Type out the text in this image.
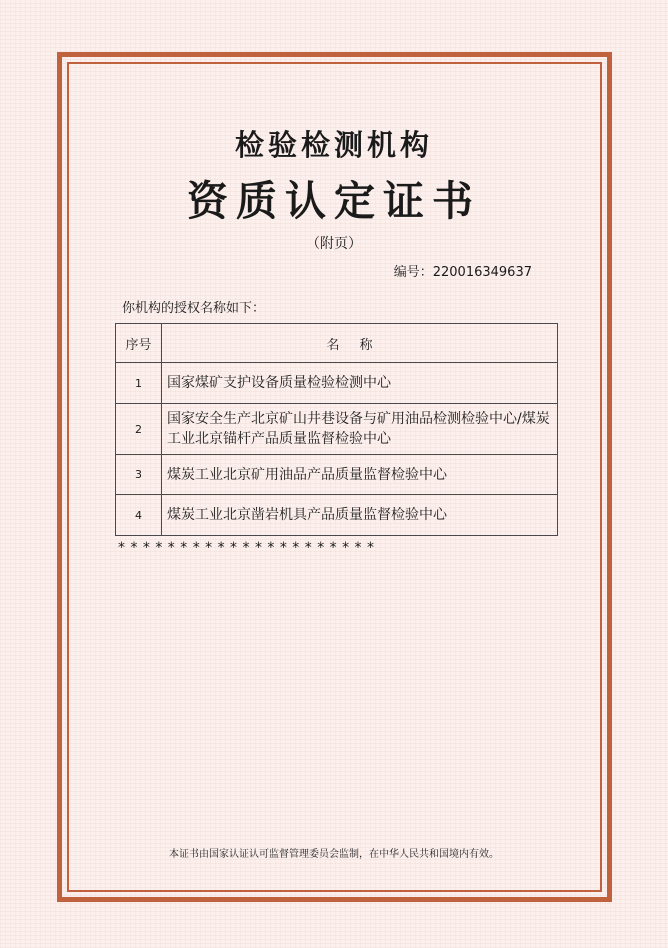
检验检测机构
资质认定证书
（附页）
编号：220016349637
你机构的授权名称如下：
序号	名称
1	国家煤矿支护设备质量检验检测中心
2	国家安全生产北京矿山井巷设备与矿用油品检测检验中心/煤炭工业北京锚杆产品质量监督检验中心
3	煤炭工业北京矿用油品产品质量监督检验中心
4	煤炭工业北京凿岩机具产品质量监督检验中心
* * * * * * * * * * * * * * * * * * * * *
本证书由国家认证认可监督管理委员会监制，在中华人民共和国境内有效。
